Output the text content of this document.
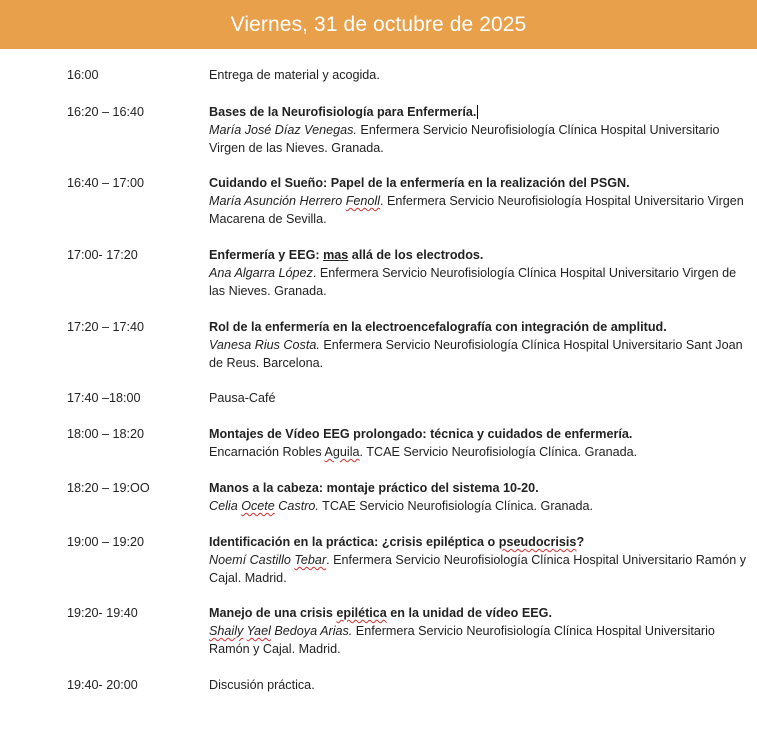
Viernes, 31 de octubre de 2025
16:00	Entrega de material y acogida.
16:20 – 16:40	Bases de la Neurofisiología para Enfermería.
María José Díaz Venegas. Enfermera Servicio Neurofisiología Clínica Hospital Universitario Virgen de las Nieves. Granada.
16:40 – 17:00	Cuidando el Sueño: Papel de la enfermería en la realización del PSGN.
María Asunción Herrero Fenoll. Enfermera Servicio Neurofisiología Hospital Universitario Virgen Macarena de Sevilla.
17:00- 17:20	Enfermería y EEG: mas allá de los electrodos.
Ana Algarra López. Enfermera Servicio Neurofisiología Clínica Hospital Universitario Virgen de las Nieves. Granada.
17:20 – 17:40	Rol de la enfermería en la electroencefalografía con integración de amplitud.
Vanesa Rius Costa. Enfermera Servicio Neurofisiología Clínica Hospital Universitario Sant Joan de Reus. Barcelona.
17:40 –18:00	Pausa-Café
18:00 – 18:20	Montajes de Vídeo EEG prolongado: técnica y cuidados de enfermería.
Encarnación Robles Aguila. TCAE Servicio Neurofisiología Clínica. Granada.
18:20 – 19:OO	Manos a la cabeza: montaje práctico del sistema 10-20.
Celia Ocete Castro. TCAE Servicio Neurofisiología Clínica. Granada.
19:00 – 19:20	Identificación en la práctica: ¿crisis epiléptica o pseudocrisis?
Noemí Castillo Tebar. Enfermera Servicio Neurofisiología Clínica Hospital Universitario Ramón y Cajal. Madrid.
19:20- 19:40	Manejo de una crisis epilética en la unidad de vídeo EEG.
Shaily Yael Bedoya Arias. Enfermera Servicio Neurofisiología Clínica Hospital Universitario Ramón y Cajal. Madrid.
19:40- 20:00	Discusión práctica.
